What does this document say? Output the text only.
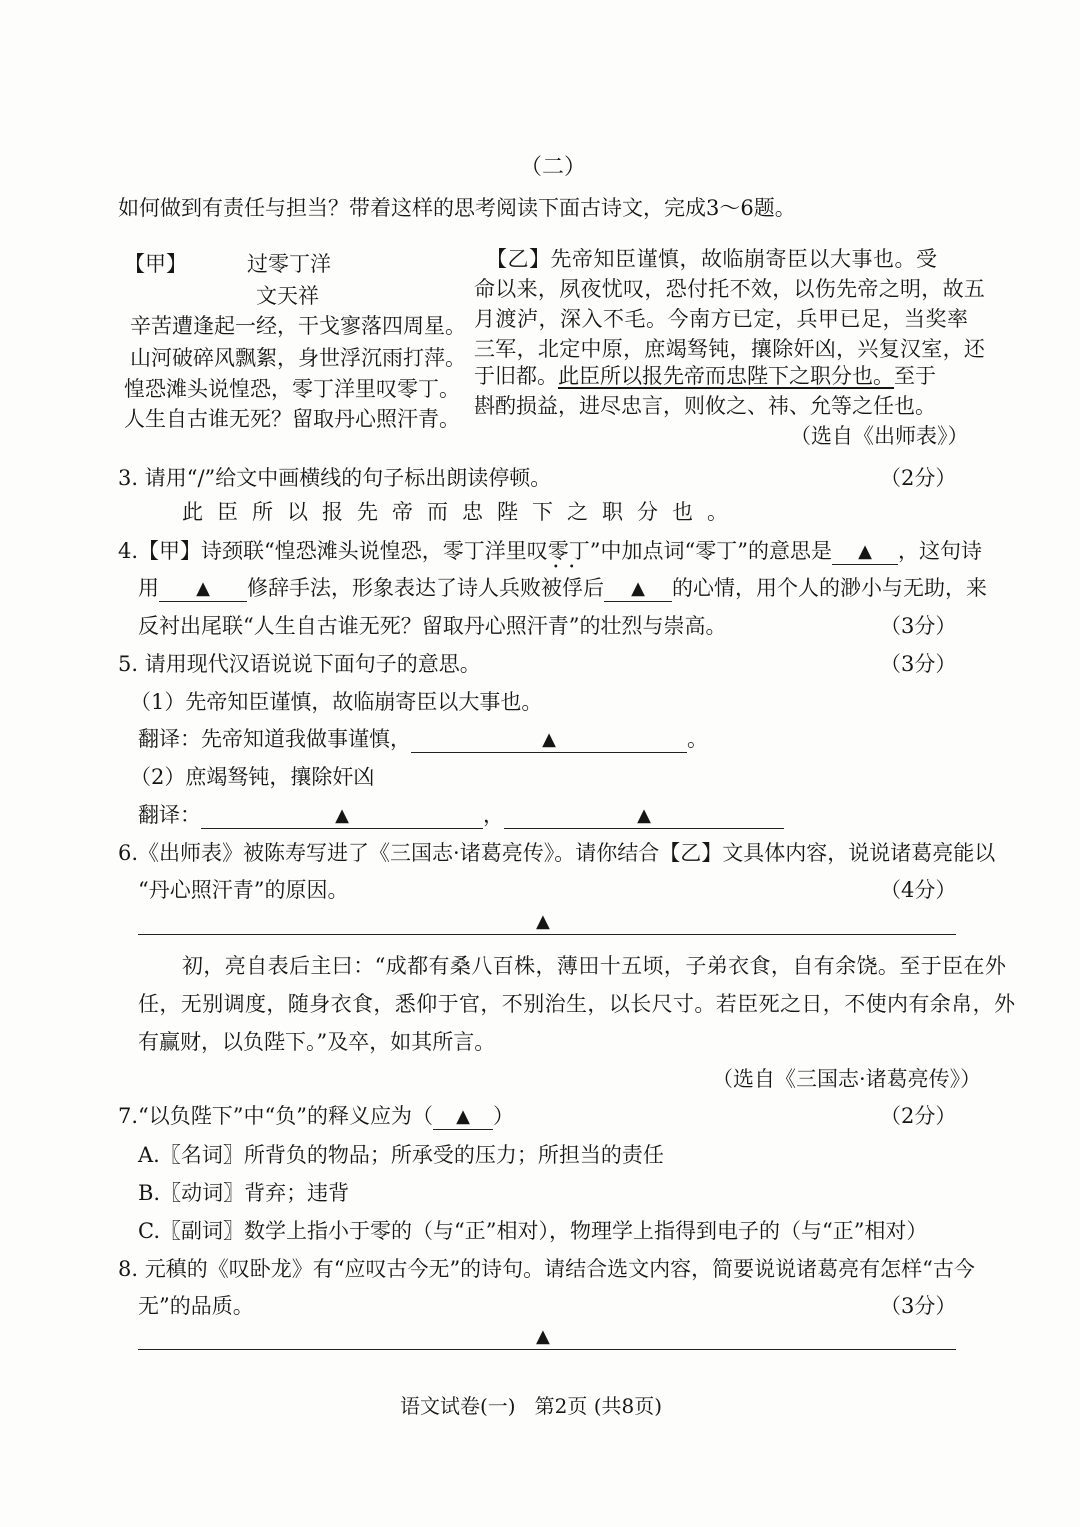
（二）
如何做到有责任与担当？带着这样的思考阅读下面古诗文，完成3～6题。
【甲】	过零丁洋
文天祥
辛苦遭逢起一经，干戈寥落四周星。
山河破碎风飘絮，身世浮沉雨打萍。
惶恐滩头说惶恐，零丁洋里叹零丁。
人生自古谁无死？留取丹心照汗青。
【乙】先帝知臣谨慎，故临崩寄臣以大事也。受
命以来，夙夜忧叹，恐付托不效，以伤先帝之明，故五
月渡泸，深入不毛。今南方已定，兵甲已足，当奖率
三军，北定中原，庶竭驽钝，攘除奸凶，兴复汉室，还
于旧都。此臣所以报先帝而忠陛下之职分也。至于
斟酌损益，进尽忠言，则攸之、祎、允等之任也。
（选自《出师表》）
3. 请用“/”给文中画横线的句子标出朗读停顿。	（2分）
此臣所以报先帝而忠陛下之职分也。
4.【甲】诗颈联“惶恐滩头说惶恐，零丁洋里叹零丁
••
”中加点词“零丁”的意思是 ▲ ，这句诗
用 ▲ 修辞手法，形象表达了诗人兵败被俘后 ▲ 的心情，用个人的渺小与无助，来
反衬出尾联“人生自古谁无死？留取丹心照汗青”的壮烈与崇高。	（3分）
5. 请用现代汉语说说下面句子的意思。	（3分）
（1）先帝知臣谨慎，故临崩寄臣以大事也。
翻译：先帝知道我做事谨慎，	▲	。
（2）庶竭驽钝，攘除奸凶
翻译：	▲	，	▲
6.《出师表》被陈寿写进了《三国志·诸葛亮传》。请你结合【乙】文具体内容，说说诸葛亮能以
“丹心照汗青”的原因。	（4分）
▲
初，亮自表后主曰：“成都有桑八百株，薄田十五顷，子弟衣食，自有余饶。至于臣在外
任，无别调度，随身衣食，悉仰于官，不别治生，以长尺寸。若臣死之日，不使内有余帛，外
有赢财，以负陛下。”及卒，如其所言。
（选自《三国志·诸葛亮传》）
7.“以负陛下”中“负”的释义应为（ ▲ ）	（2分）
A.〖名词〗所背负的物品；所承受的压力；所担当的责任
B.〖动词〗背弃；违背
C.〖副词〗数学上指小于零的（与“正”相对），物理学上指得到电子的（与“正”相对）
8. 元稹的《叹卧龙》有“应叹古今无”的诗句。请结合选文内容，简要说说诸葛亮有怎样“古今
无”的品质。	（3分）
▲
语文试卷(一)   第2页 (共8页)
